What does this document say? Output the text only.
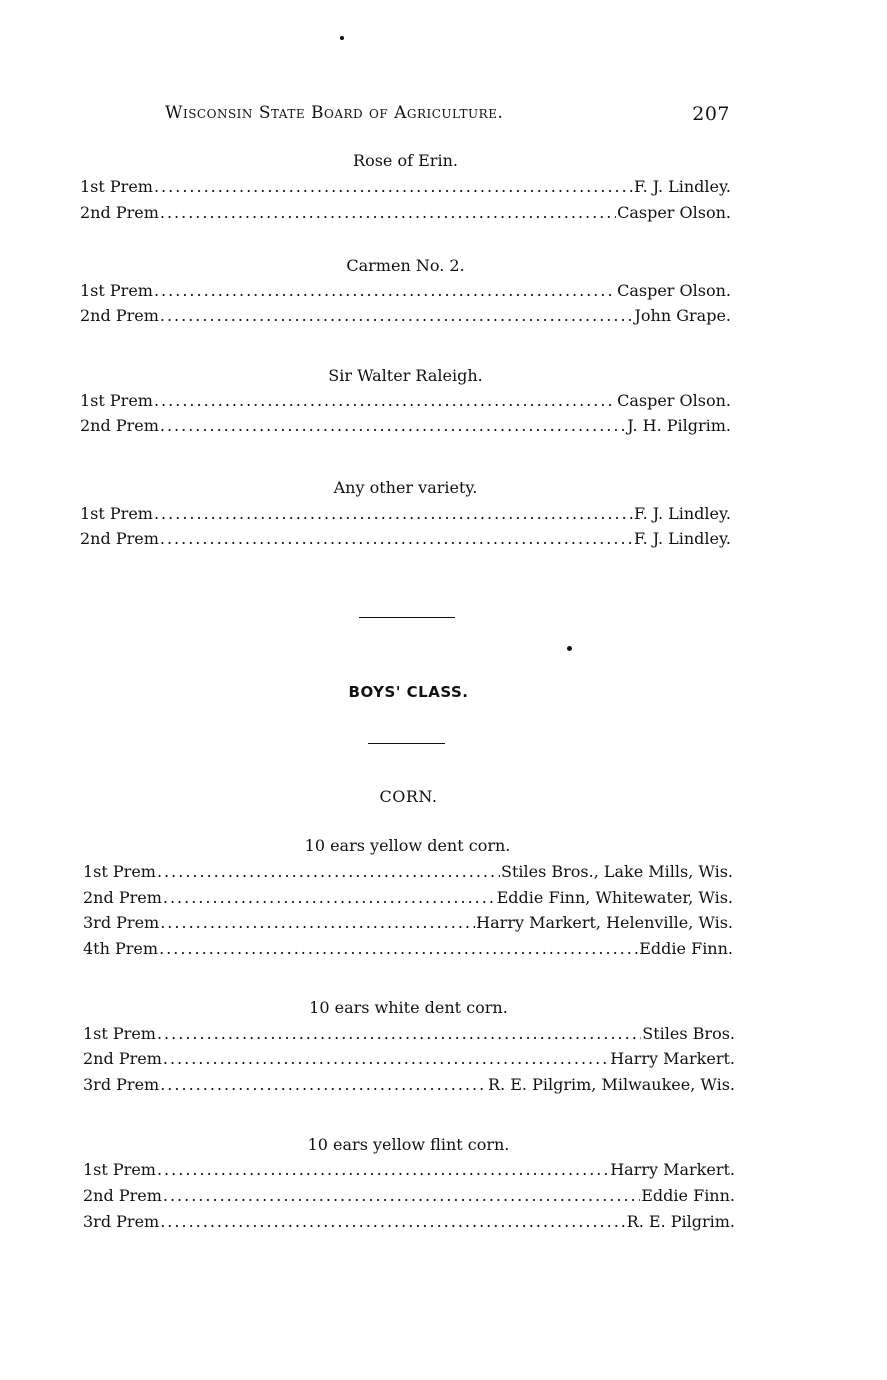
Wisconsin State Board of Agriculture.	207
Rose of Erin.
1st Prem .....	F. J. Lindley.
2nd Prem .....	Casper Olson.
Carmen No. 2.
1st Prem .....	Casper Olson.
2nd Prem .....	John Grape.
Sir Walter Raleigh.
1st Prem .....	Casper Olson.
2nd Prem .....	J. H. Pilgrim.
Any other variety.
1st Prem .....	F. J. Lindley.
2nd Prem .....	F. J. Lindley.
BOYS' CLASS.
CORN.
10 ears yellow dent corn.
1st Prem .....	Stiles Bros., Lake Mills, Wis.
2nd Prem .....	Eddie Finn, Whitewater, Wis.
3rd Prem .....	Harry Markert, Helenville, Wis.
4th Prem .....	Eddie Finn.
10 ears white dent corn.
1st Prem .....	Stiles Bros.
2nd Prem .....	Harry Markert.
3rd Prem .....	R. E. Pilgrim, Milwaukee, Wis.
10 ears yellow flint corn.
1st Prem .....	Harry Markert.
2nd Prem .....	Eddie Finn.
3rd Prem .....	R. E. Pilgrim.
